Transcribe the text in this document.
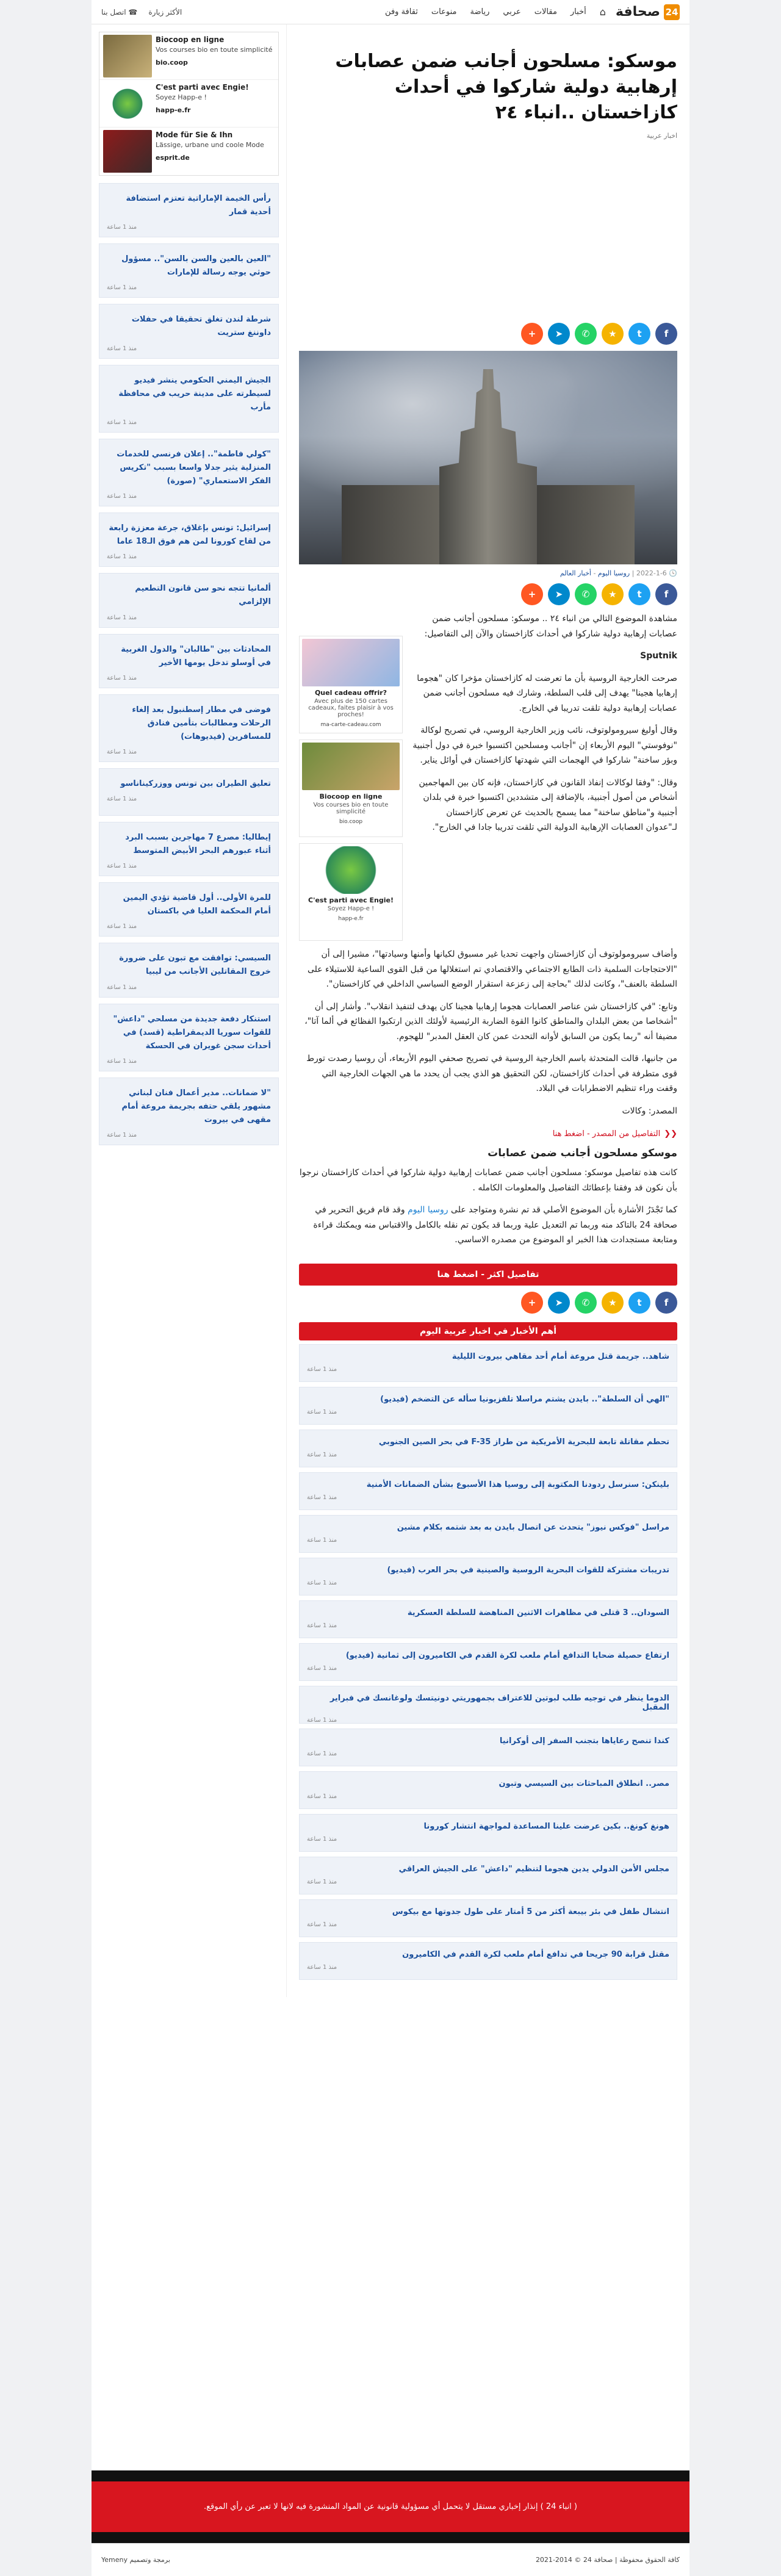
24
صحافة
⌂
أخبار
مقالات
عربي
رياضة
منوعات
ثقافة وفن
الأكثر زيارة
☎ اتصل بنا
موسكو: مسلحون أجانب ضمن عصابات إرهابية دولية شاركوا في أحداث كازاخستان ..انباء ٢٤
اخبار عربية
f
t
★
✆
➤
+
🕓 2022-1-6 | روسيا اليوم - أخبار العالم
f
t
★
✆
➤
+

مشاهدة الموضوع التالي من انباء ٢٤ .. موسكو: مسلحون أجانب ضمن عصابات إرهابية دولية شاركوا في أحداث كازاخستان والآن إلى التفاصيل:

Sputnik

صرحت الخارجية الروسية بأن ما تعرضت له كازاخستان مؤخرا كان "هجوما إرهابيا هجينا" يهدف إلى قلب السلطة، وشارك فيه مسلحون أجانب ضمن عصابات إرهابية دولية تلقت تدريبا في الخارج.

وقال أوليغ سيرومولوتوف، نائب وزير الخارجية الروسي، في تصريح لوكالة "نوفوستي" اليوم الأربعاء إن "أجانب ومسلحين اكتسبوا خبرة في دول أجنبية وبؤر ساخنة" شاركوا في الهجمات التي شهدتها كازاخستان في أوائل يناير.

وقال: "وفقا لوكالات إنفاذ القانون في كازاخستان، فإنه كان بين المهاجمين أشخاص من أصول أجنبية، بالإضافة إلى متشددين اكتسبوا خبرة في بلدان أجنبية و"مناطق ساخنة" مما يسمح بالحديث عن تعرض كازاخستان لـ"عدوان العصابات الإرهابية الدولية التي تلقت تدريبا جادا في الخارج".

Quel cadeau offrir?
Avec plus de 150 cartes cadeaux, faites plaisir à vos proches!
ma-carte-cadeau.com
Biocoop en ligne
Vos courses bio en toute simplicité
bio.coop
C'est parti avec Engie!
Soyez Happ-e !
happ-e.fr

وأضاف سيرومولوتوف أن كازاخستان واجهت تحديا غير مسبوق لكيانها وأمنها وسيادتها"، مشيرا إلى أن "الاحتجاجات السلمية ذات الطابع الاجتماعي والاقتصادي تم استغلالها من قبل القوى الساعية للاستيلاء على السلطة بالعنف"، وكانت لذلك "بحاجة إلى زعزعة استقرار الوضع السياسي الداخلي في كازاخستان".

وتابع: "في كازاخستان شن عناصر العصابات هجوما إرهابيا هجينا كان يهدف لتنفيذ انقلاب". وأشار إلى أن "أشخاصا من بعض البلدان والمناطق كانوا القوة الضاربة الرئيسية لأولئك الذين ارتكبوا الفظائع في ألما آتا"، مضيفا أنه "ربما يكون من السابق لأوانه التحدث عمن كان العقل المدبر" للهجوم.

من جانبها، قالت المتحدثة باسم الخارجية الروسية في تصريح صحفي اليوم الأربعاء، أن روسيا رصدت تورط قوى متطرفة في أحداث كازاخستان، لكن التحقيق هو الذي يجب أن يحدد ما هي الجهات الخارجية التي وقفت وراء تنظيم الاضطرابات في البلاد.

المصدر: وكالات

❮❮
التفاصيل من المصدر - اضغط هنا
موسكو مسلحون أجانب ضمن عصابات

كانت هذه تفاصيل موسكو: مسلحون أجانب ضمن عصابات إرهابية دولية شاركوا في أحداث كازاخستان نرجوا بأن نكون قد وفقنا بإعطائك التفاصيل والمعلومات الكامله .

كما تَجْدَرُ الأشارة بأن الموضوع الأصلي قد تم نشرة ومتواجد على روسيا اليوم وقد قام فريق التحرير في صحافة 24 بالتاكد منه وربما تم التعديل علية وربما قد يكون تم نقله بالكامل والاقتباس منه ويمكنك قراءة ومتابعة مستجدادت هذا الخبر او الموضوع من مصدره الاساسي.

تفاصيل اكثر - اضغط هنا
f
t
★
✆
➤
+
أهم الأخبار في اخبار عربية اليوم
شاهد.. جريمة قتل مروعة أمام أحد مقاهي بيروت الليلية
منذ 1 ساعة
"الهي أن السلطة".. بايدن يشتم مراسلا تلفزيونيا سأله عن التضخم (فيديو)
منذ 1 ساعة
تحطم مقاتلة تابعة للبحرية الأمريكية من طراز F-35 في بحر الصين الجنوبي
منذ 1 ساعة
بلينكن: سنرسل ردودنا المكتوبة إلى روسيا هذا الأسبوع بشأن الضمانات الأمنية
منذ 1 ساعة
مراسل "فوكس نيوز" يتحدث عن اتصال بايدن به بعد شتمه بكلام مشين
منذ 1 ساعة
تدريبات مشتركة للقوات البحرية الروسية والصينية في بحر العرب (فيديو)
منذ 1 ساعة
السودان.. 3 قتلى في مظاهرات الاثنين المناهضة للسلطة العسكرية
منذ 1 ساعة
ارتفاع حصيلة ضحايا التدافع أمام ملعب لكرة القدم في الكاميرون إلى ثمانية (فيديو)
منذ 1 ساعة
الدوما ينظر في توجيه طلب لبوتين للاعتراف بجمهوريتي دونيتسك ولوغانسك في فبراير المقبل
منذ 1 ساعة
كندا تنصح رعاياها بتجنب السفر إلى أوكرانيا
منذ 1 ساعة
مصر.. انطلاق المباحثات بين السيسي وتبون
منذ 1 ساعة
هونغ كونغ.. بكين عرضت علينا المساعدة لمواجهة انتشار كورونا
منذ 1 ساعة
مجلس الأمن الدولي يدين هجوما لتنظيم "داعش" على الجيش العراقي
منذ 1 ساعة
انتشال طفل في بئر بيبعة أكثر من 5 أمتار على طول جدوتها مع بيكوس
منذ 1 ساعة
مقتل قرابة 90 جريحا في تدافع أمام ملعب لكرة القدم في الكاميرون
منذ 1 ساعة
Biocoop en ligne
Vos courses bio en toute simplicité
bio.coop
C'est parti avec Engie!
Soyez Happ-e !
happ-e.fr
Mode für Sie & Ihn
Lässige, urbane und coole Mode
esprit.de
رأس الخيمة الإماراتية تعتزم استضافة أحدية قمار
منذ 1 ساعة
"العين بالعين والسن بالسن".. مسؤول حوثي يوجه رسالة للإمارات
منذ 1 ساعة
شرطة لندن تغلق تحقيقا في حفلات داوننغ ستريت
منذ 1 ساعة
الجيش اليمني الحكومي ينشر فيديو لسيطرته على مدينة حريب في محافظة مأرب
منذ 1 ساعة
"كولي فاطمة".. إعلان فرنسي للخدمات المنزلية يثير جدلا واسعا بسبب "تكريس الفكر الاستعماري" (صورة)
منذ 1 ساعة
إسرائيل: تونس بإغلاق، جرعة معززة رابعة من لقاح كورونا لمن هم فوق الـ18 عاما
منذ 1 ساعة
ألمانيا تتجه نحو سن قانون التطعيم الإلزامي
منذ 1 ساعة
المحادثات بين "طالبان" والدول الغربية في أوسلو تدخل يومها الأخير
منذ 1 ساعة
فوضى في مطار إسطنبول بعد إلغاء الرحلات ومطالبات بتأمين فنادق للمسافرين (فيديوهات)
منذ 1 ساعة
تعليق الطيران بين تونس ووزركيناناسو
منذ 1 ساعة
إيطاليا: مصرع 7 مهاجرين بسبب البرد أثناء عبورهم البحر الأبيض المتوسط
منذ 1 ساعة
للمرة الأولى.. أول قاضية تؤدي اليمين أمام المحكمة العليا في باكستان
منذ 1 ساعة
السيسي: توافقت مع تبون على ضرورة خروج المقاتلين الأجانب من ليبيا
منذ 1 ساعة
استنكار دفعة جديدة من مسلحي "داعش" للقوات سوريا الديمقراطية (قسد) في أحداث سجن غويران في الحسكة
منذ 1 ساعة
"لا ضمانات.. مدير أعمال فنان لبناني مشهور يلقي حتفه بجريمة مروعة أمام مقهى في بيروت
منذ 1 ساعة
( انباء 24 ) إنذار إخباري مستقل لا يتحمل أي مسؤولية قانونية عن المواد المنشورة فيه لانها لا تعبر عن رأي الموقع.
كافة الحقوق محفوظة | صحافة 24 © 2014-2021
برمجة وتصميم Yemeny
